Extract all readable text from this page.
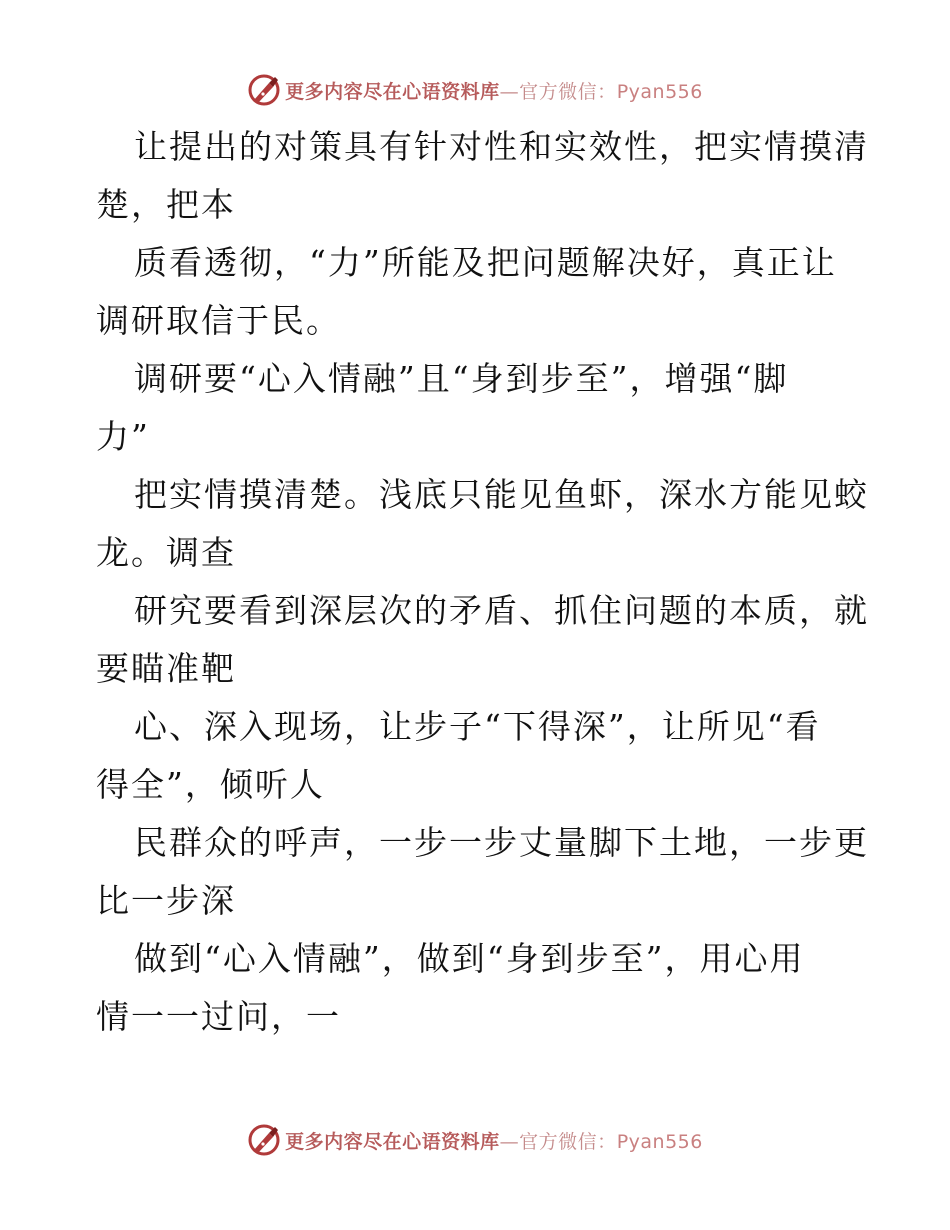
更多内容尽在心语资料库—官方微信：Pyan556

让提出的对策具有针对性和实效性，把实情摸清
楚，把本

质看透彻，“力”所能及把问题解决好，真正让
调研取信于民。

调研要“心入情融”且“身到步至”，增强“脚
力”

把实情摸清楚。浅底只能见鱼虾，深水方能见蛟
龙。调查

研究要看到深层次的矛盾、抓住问题的本质，就
要瞄准靶

心、深入现场，让步子“下得深”，让所见“看
得全”，倾听人

民群众的呼声，一步一步丈量脚下土地，一步更
比一步深

做到“心入情融”，做到“身到步至”，用心用
情一一过问，一

更多内容尽在心语资料库—官方微信：Pyan556
